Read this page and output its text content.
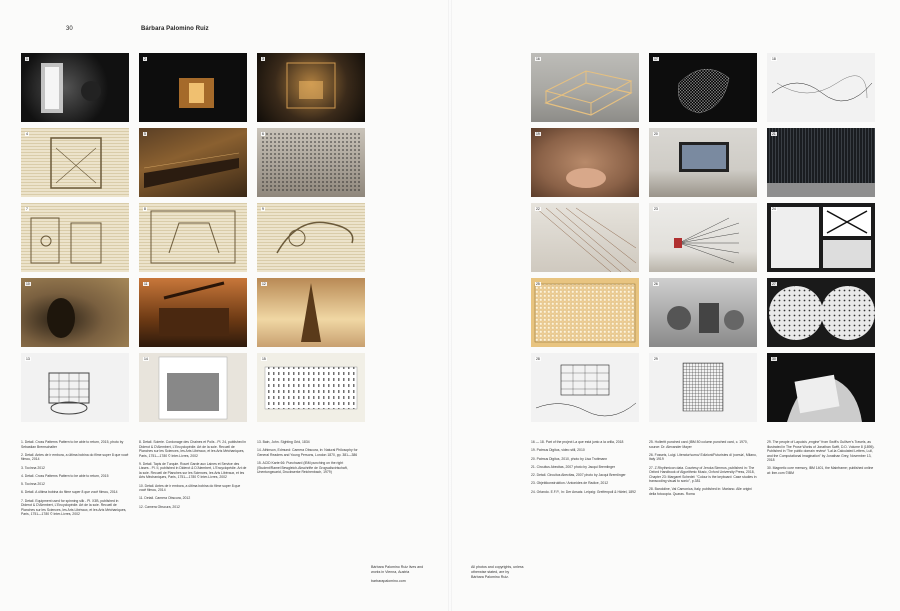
30	Bárbara Palomino Ruiz
1	2	3
4	5	6
7	8	9
10	11	12
13	14	15
16	17	18
19	20	21
22	23	24
25	26	27
28	29	30
1. Detail. Cross Patterns Pattern to be able to return, 2015, photo by Sebastian Bremschalter
2. Detail. Antes de ir embora, a última bobina do filme super 8 que você filmou, 2014
3. Tocinna 2012
4. Detail. Cross Patterns Pattern to be able to return, 2015
5. Tocinna 2012
6. Detail. A última bobina do filme super 8 que você filmou, 2014
7. Detail. Equipment used for spinning silk - Pl. X3B, published in Diderot & D'Alembert, L'Encyclopédie. Art de la soie. Recueil de Planches sur les Sciences, les Arts Libéraux, et les Arts Méchaniques, Paris, 1751—1780 © Inter-Livres, 2002
8. Detail. Soierie. Cordonage des Chaines et Poils - Pl. 24, published in Diderot & D'Alembert, L'Encyclopédie. Art de la soie. Recueil de Planches sur les Sciences, les Arts Libéraux, et les Arts Méchaniques, Paris, 1751—1780 © Inter-Livres, 2002
9. Detail. Tapis de Turquie. Rouet Garde aux Laines et Service des Lisses - Pl. II, published in Diderot & D'Alembert, L'Encyclopédie. Art de la soie. Recueil de Planches sur les Sciences, les Arts Libéraux, et les Arts Méchaniques, Paris, 1751—1780 © Inter-Livres, 2002
10. Detail. Antes de ir embora, a última bobina do filme super 8 que você filmou, 2014
11. Detail. Camera Obscura, 2012
12. Camera Obscura, 2012
13. Bain, John. Sighting Grid, 1834
14. Athinson, Edmund: Camera Obscura, in: Natural Philosophy for General Readers and Young Persons, London 1870, pp. 381—386
15. ACID Karte 66: Punchcard (IBM punching on the right (Student/Ramel Bewgleich-Abschrifte de Grogvalisvirtschaft, Unentungsvarid, Druckwerke Reichenbach, 1979)
16 — 18. Part of the project La que está junto a la orilla, 2018
19. Patmus Digitus, video still, 2010
20. Patmus Digitus, 2010, photo by Lisa Truttmann
21. Circuitus Abecitas, 2007 photo by Jacqui Bremlinger
22. Detail. Circuitus Abecitas, 2007 photo by Jacqui Bremlinger
23. Objektkonstruktion / Antonides de Radice, 2012
24. Orlando. E.F.P., In: Der Ansatz. Leipzig: Greifenpoll & Härtel, 1892
25. Holleritt punched card (IBM 80 column punched card, c. 1970, source: Dr. Alexander Mayer
26. Fosseis, Luigi. Literatur'sumo/ Edizioni/Futuristes di 'poesia', Milano, Italy 1919
27. Z.Rhythmicon data. Courtesy of Jeroka Simmos, published in: The Oxford Handbook of Algorithmic Music, Oxford University Press, 2018, Chapter 23: Margaret Schedel: "Colour is the keyboard: Case studies in transcoding visual to sonic", p.381
28. Bandoline, Val Camonica, Italy, published in: Mariano. Alle origini della fotocopia. Quaras. Roma
29. The people of Laputa's „engine" from Swift's Gulliver's Travels, as illustrated in The Prose Works of Jonathan Swift, D.D. Volume 8 (1895). Published in 'The public domain review' "Lal.la Calculated Letters, Lull, and the Computational Imagination" by Jonathan Grey, November 13, 2018
30. Magnetic core memory, IBM 1401, the Mainframe; published online at: ibm.com ©IBM
Bárbara Palomino Ruiz lives and
works in Vienna, Austria
barbarapalomino.com
All photos and copyrights, unless
otherwise stated, are by
Bárbara Palomino Ruiz.
